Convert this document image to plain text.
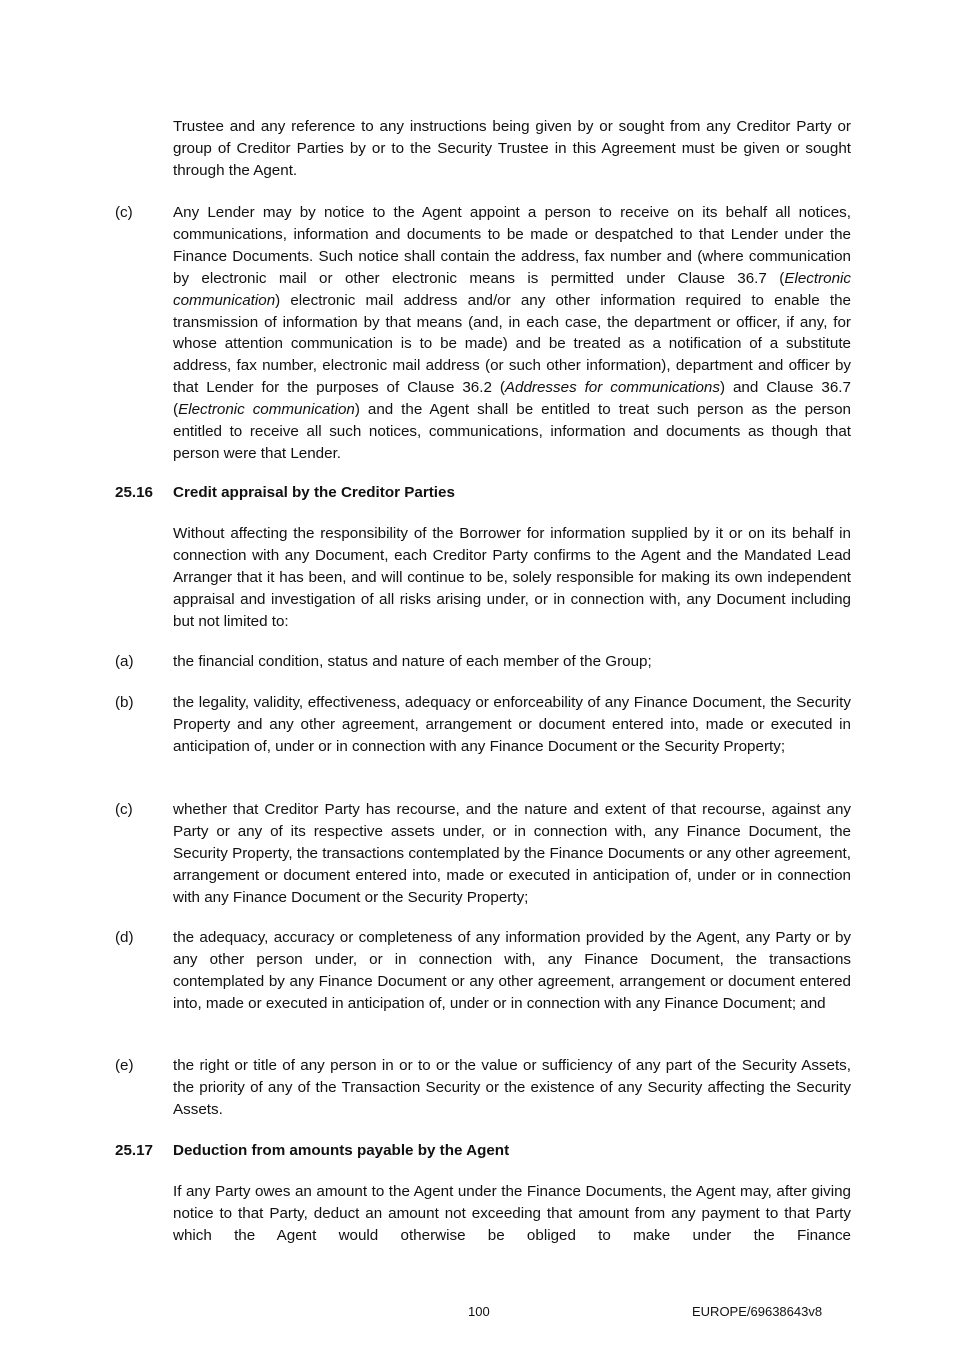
Trustee and any reference to any instructions being given by or sought from any Creditor Party or group of Creditor Parties by or to the Security Trustee in this Agreement must be given or sought through the Agent.
(c)	Any Lender may by notice to the Agent appoint a person to receive on its behalf all notices, communications, information and documents to be made or despatched to that Lender under the Finance Documents. Such notice shall contain the address, fax number and (where communication by electronic mail or other electronic means is permitted under Clause 36.7 (Electronic communication) electronic mail address and/or any other information required to enable the transmission of information by that means (and, in each case, the department or officer, if any, for whose attention communication is to be made) and be treated as a notification of a substitute address, fax number, electronic mail address (or such other information), department and officer by that Lender for the purposes of Clause 36.2 (Addresses for communications) and Clause 36.7 (Electronic communication) and the Agent shall be entitled to treat such person as the person entitled to receive all such notices, communications, information and documents as though that person were that Lender.
25.16 Credit appraisal by the Creditor Parties
Without affecting the responsibility of the Borrower for information supplied by it or on its behalf in connection with any Document, each Creditor Party confirms to the Agent and the Mandated Lead Arranger that it has been, and will continue to be, solely responsible for making its own independent appraisal and investigation of all risks arising under, or in connection with, any Document including but not limited to:
(a)	the financial condition, status and nature of each member of the Group;
(b)	the legality, validity, effectiveness, adequacy or enforceability of any Finance Document, the Security Property and any other agreement, arrangement or document entered into, made or executed in anticipation of, under or in connection with any Finance Document or the Security Property;
(c)	whether that Creditor Party has recourse, and the nature and extent of that recourse, against any Party or any of its respective assets under, or in connection with, any Finance Document, the Security Property, the transactions contemplated by the Finance Documents or any other agreement, arrangement or document entered into, made or executed in anticipation of, under or in connection with any Finance Document or the Security Property;
(d)	the adequacy, accuracy or completeness of any information provided by the Agent, any Party or by any other person under, or in connection with, any Finance Document, the transactions contemplated by any Finance Document or any other agreement, arrangement or document entered into, made or executed in anticipation of, under or in connection with any Finance Document; and
(e)	the right or title of any person in or to or the value or sufficiency of any part of the Security Assets, the priority of any of the Transaction Security or the existence of any Security affecting the Security Assets.
25.17 Deduction from amounts payable by the Agent
If any Party owes an amount to the Agent under the Finance Documents, the Agent may, after giving notice to that Party, deduct an amount not exceeding that amount from any payment to that Party which the Agent would otherwise be obliged to make under the Finance
100	EUROPE/69638643v8
